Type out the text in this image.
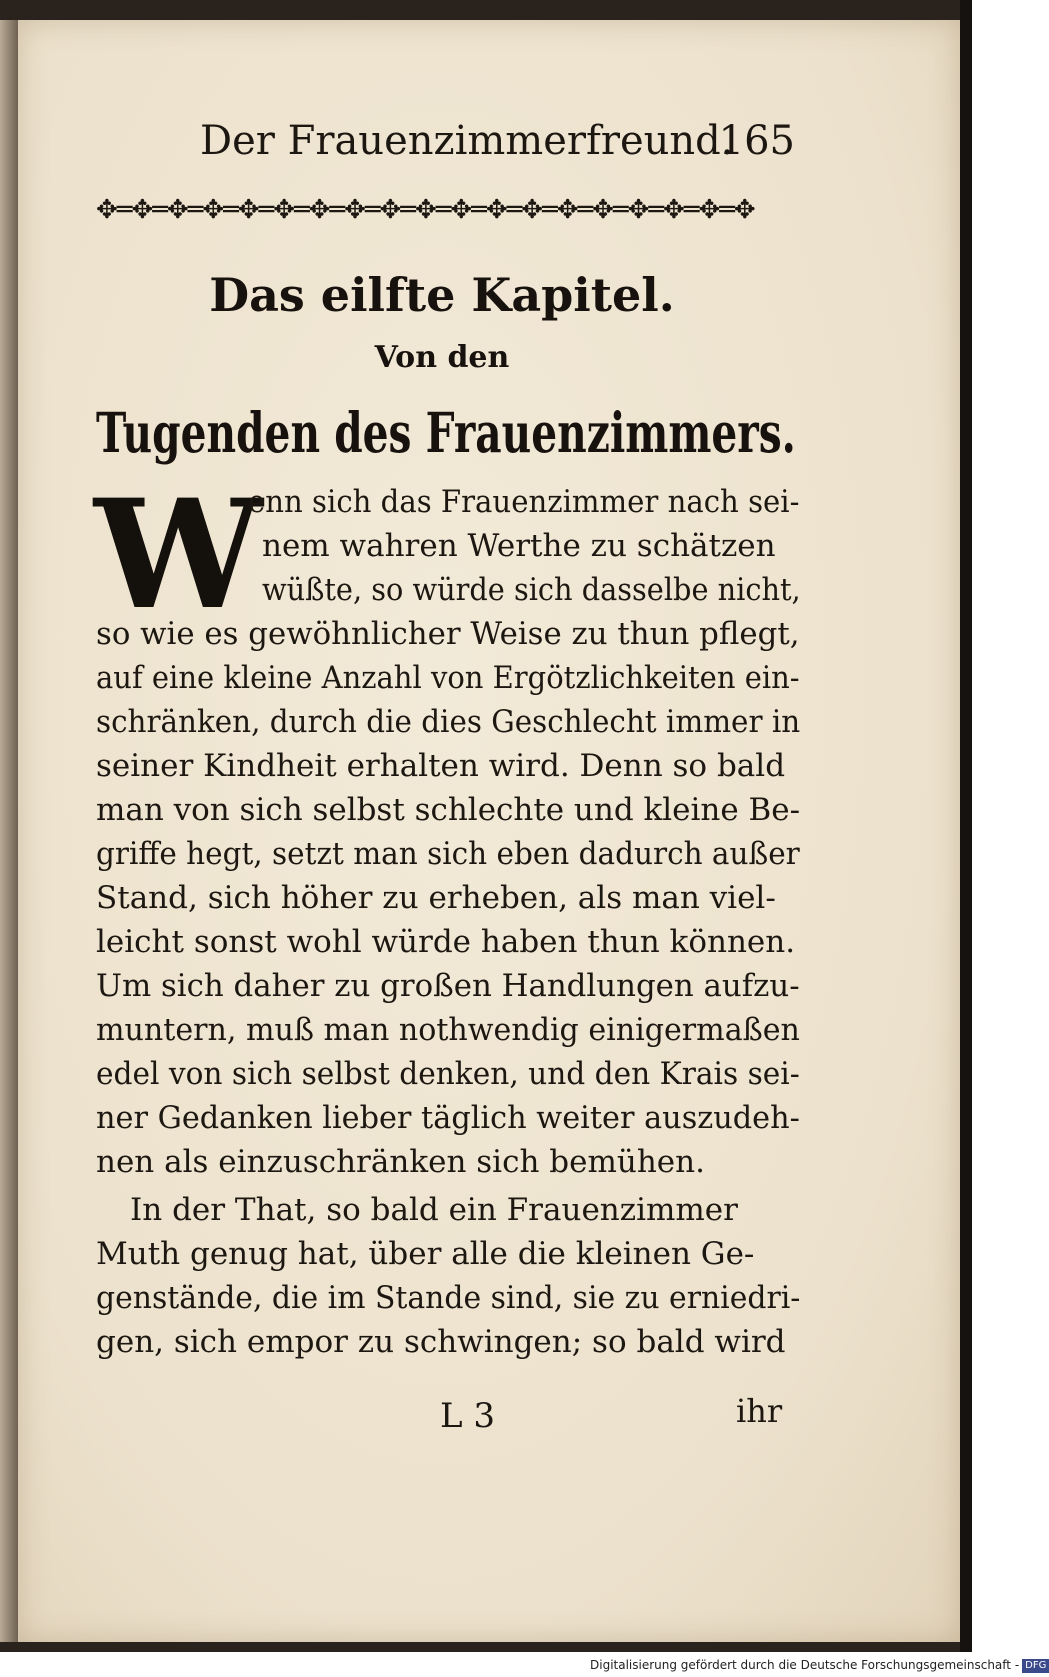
Der Frauenzimmerfreund.
165
✥═✥═✥═✥═✥═✥═✥═✥═✥═✥═✥═✥═✥═✥═✥═✥═✥═✥═✥
Das eilfte Kapitel.
Von den
Tugenden des Frauenzimmers.
W
enn sich das Frauenzimmer nach sei-
nem wahren Werthe zu schätzen
wüßte, so würde sich dasselbe nicht,
so wie es gewöhnlicher Weise zu thun pflegt,
auf eine kleine Anzahl von Ergötzlichkeiten ein-
schränken, durch die dies Geschlecht immer in
seiner Kindheit erhalten wird. Denn so bald
man von sich selbst schlechte und kleine Be-
griffe hegt, setzt man sich eben dadurch außer
Stand, sich höher zu erheben, als man viel-
leicht sonst wohl würde haben thun können.
Um sich daher zu großen Handlungen aufzu-
muntern, muß man nothwendig einigermaßen
edel von sich selbst denken, und den Krais sei-
ner Gedanken lieber täglich weiter auszudeh-
nen als einzuschränken sich bemühen.
In der That, so bald ein Frauenzimmer
Muth genug hat, über alle die kleinen Ge-
genstände, die im Stande sind, sie zu erniedri-
gen, sich empor zu schwingen; so bald wird
L 3	ihr
Digitalisierung gefördert durch die Deutsche Forschungsgemeinschaft - DFG
